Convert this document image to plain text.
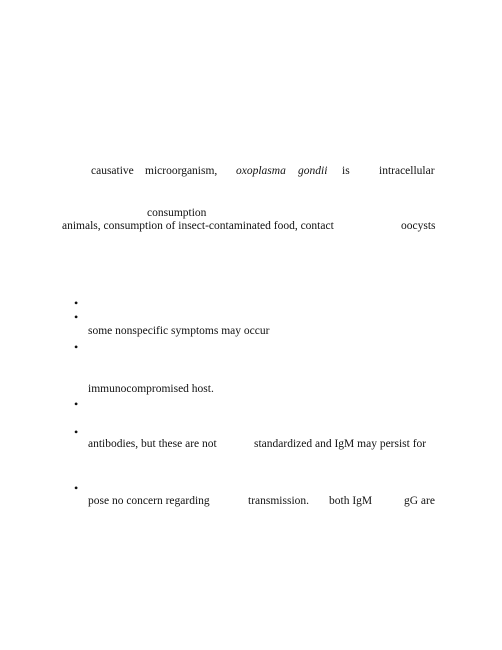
causative microorganism, oxoplasma gondii is	intracellular
consumption
animals, consumption of insect-contaminated food, contact	oocysts
•
•
some nonspecific symptoms may occur
•
immunocompromised host.
•
•
antibodies, but these are not	standardized and IgM may persist for
•
pose no concern regarding	transmission. both IgM	gG are
